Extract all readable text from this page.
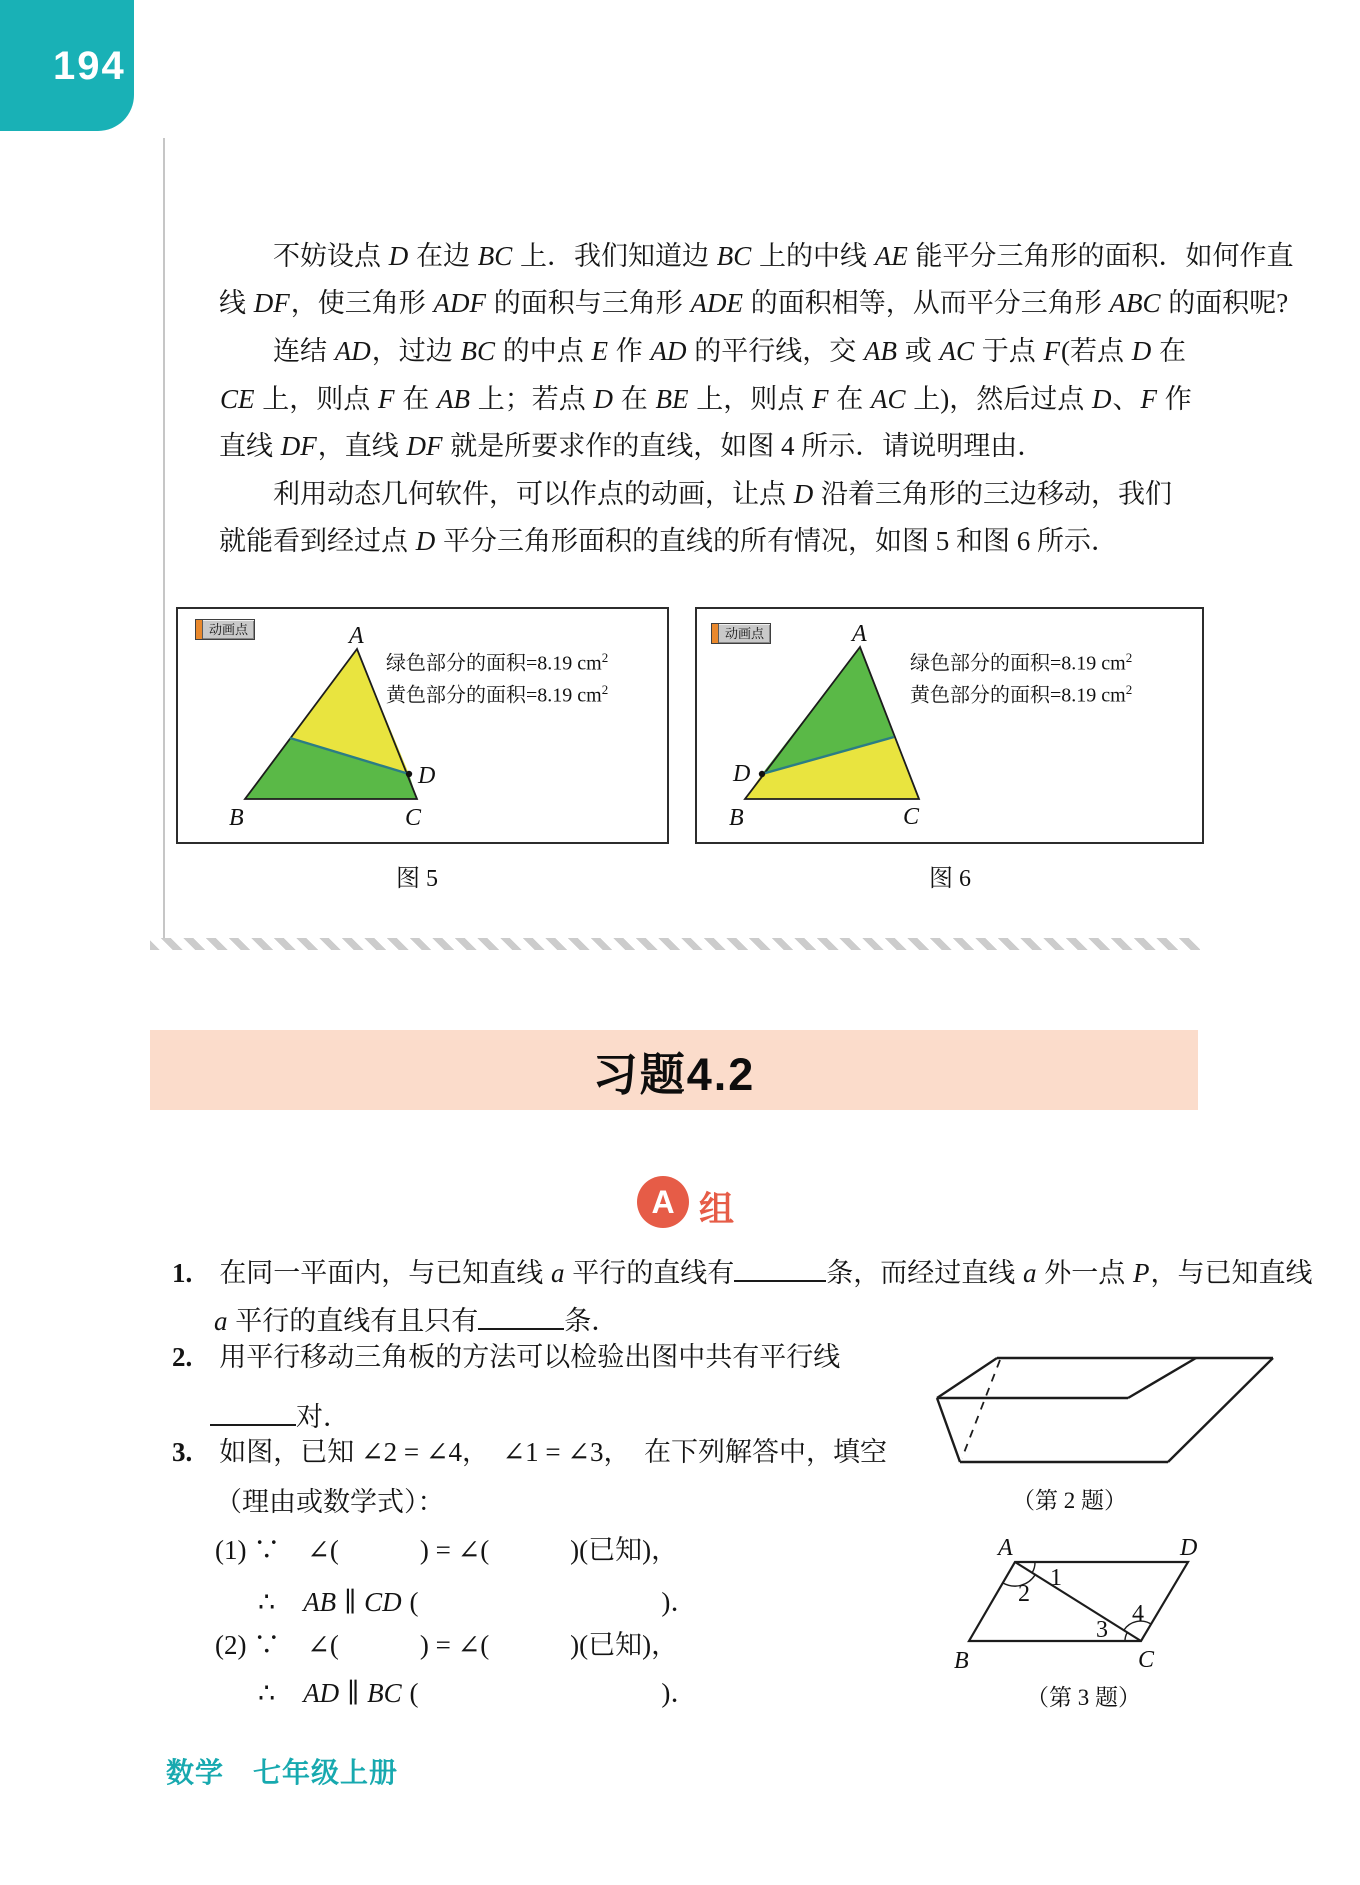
194
　　不妨设点 D 在边 BC 上．我们知道边 BC 上的中线 AE 能平分三角形的面积．如何作直
线 DF，使三角形 ADF 的面积与三角形 ADE 的面积相等，从而平分三角形 ABC 的面积呢?
　　连结 AD，过边 BC 的中点 E 作 AD 的平行线，交 AB 或 AC 于点 F(若点 D 在
CE 上，则点 F 在 AB 上；若点 D 在 BE 上，则点 F 在 AC 上)，然后过点 D、F 作
直线 DF，直线 DF 就是所要求作的直线，如图 4 所示．请说明理由．
　　利用动态几何软件，可以作点的动画，让点 D 沿着三角形的三边移动，我们
就能看到经过点 D 平分三角形面积的直线的所有情况，如图 5 和图 6 所示．
动画点	A
B	C
D
绿色部分的面积=8.19 $cm^2$
黄色部分的面积=8.19 $cm^2$
图 5
动画点	A
B	C
D
绿色部分的面积=8.19 $cm^2$
黄色部分的面积=8.19 $cm^2$
图 6
习题4.2
A 组
1.　在同一平面内，与已知直线 a 平行的直线有	条，而经过直线 a 外一点 P，与已知直线
a 平行的直线有且只有	条．
2.　用平行移动三角板的方法可以检验出图中共有平行线
对．
3.　如图，已知 ∠2 = ∠4，　∠1 = ∠3，　在下列解答中，填空
（理由或数学式）：
(1) ∵　∠(　　　) = ∠(　　　)(已知)，
∴　AB ∥ CD (　　　　　　　　　)．
(2) ∵　∠(　　　) = ∠(　　　)(已知)，
∴　AD ∥ BC (　　　　　　　　　)．
（第 2 题）
A	D
B	C
1
2
3
4
（第 3 题）
数学　七年级上册
